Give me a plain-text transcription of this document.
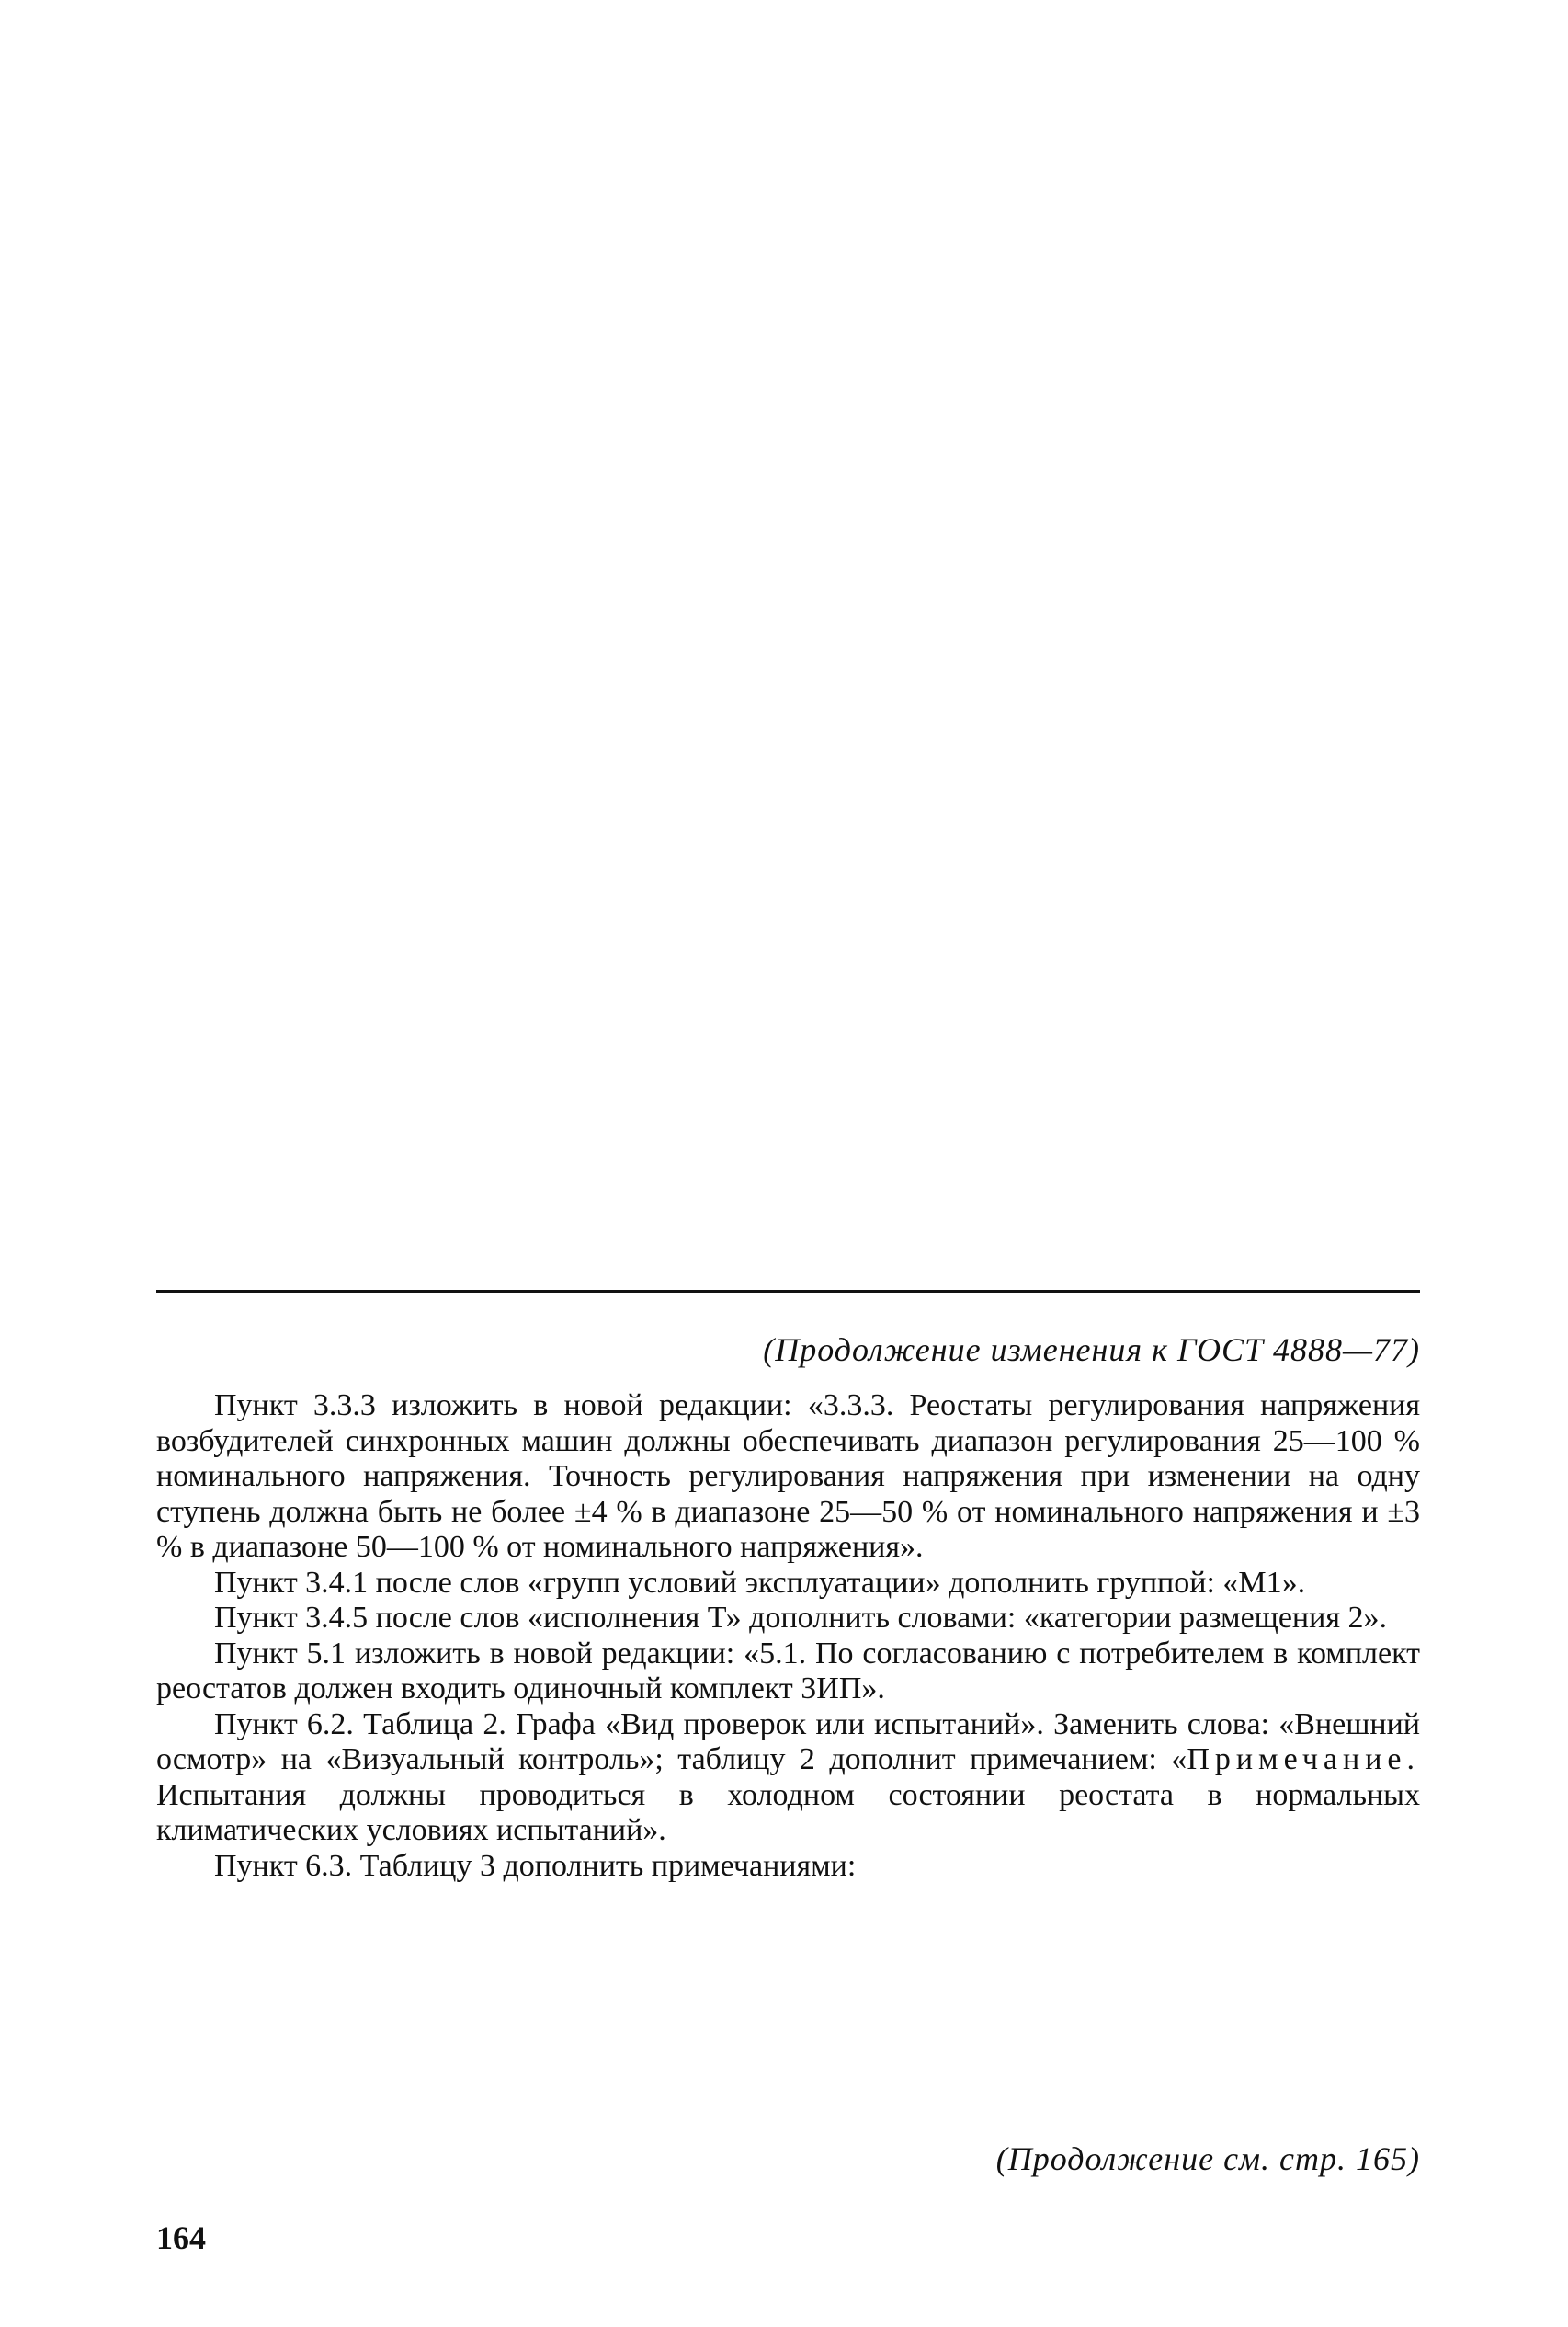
(Продолжение изменения к ГОСТ 4888—77)

Пункт 3.3.3 изложить в новой редакции: «3.3.3. Реостаты регулирования напряжения возбудителей синхронных машин должны обеспечивать диапазон регулирования 25—100 % номинального напряжения. Точность регулирования напряжения при изменении на одну ступень должна быть не более ±4 % в диапазоне 25—50 % от номинального напряжения и ±3 % в диапазоне 50—100 % от номинального напряжения».

Пункт 3.4.1 после слов «групп условий эксплуатации» дополнить группой: «М1».

Пункт 3.4.5 после слов «исполнения Т» дополнить словами: «категории размещения 2».

Пункт 5.1 изложить в новой редакции: «5.1. По согласованию с потребителем в комплект реостатов должен входить одиночный комплект ЗИП».

Пункт 6.2. Таблица 2. Графа «Вид проверок или испытаний». Заменить слова: «Внешний осмотр» на «Визуальный контроль»; таблицу 2 дополнит примечанием: «Примечание. Испытания должны проводиться в холодном состоянии реостата в нормальных климатических условиях испытаний».

Пункт 6.3. Таблицу 3 дополнить примечаниями:

(Продолжение см. стр. 165)
164
